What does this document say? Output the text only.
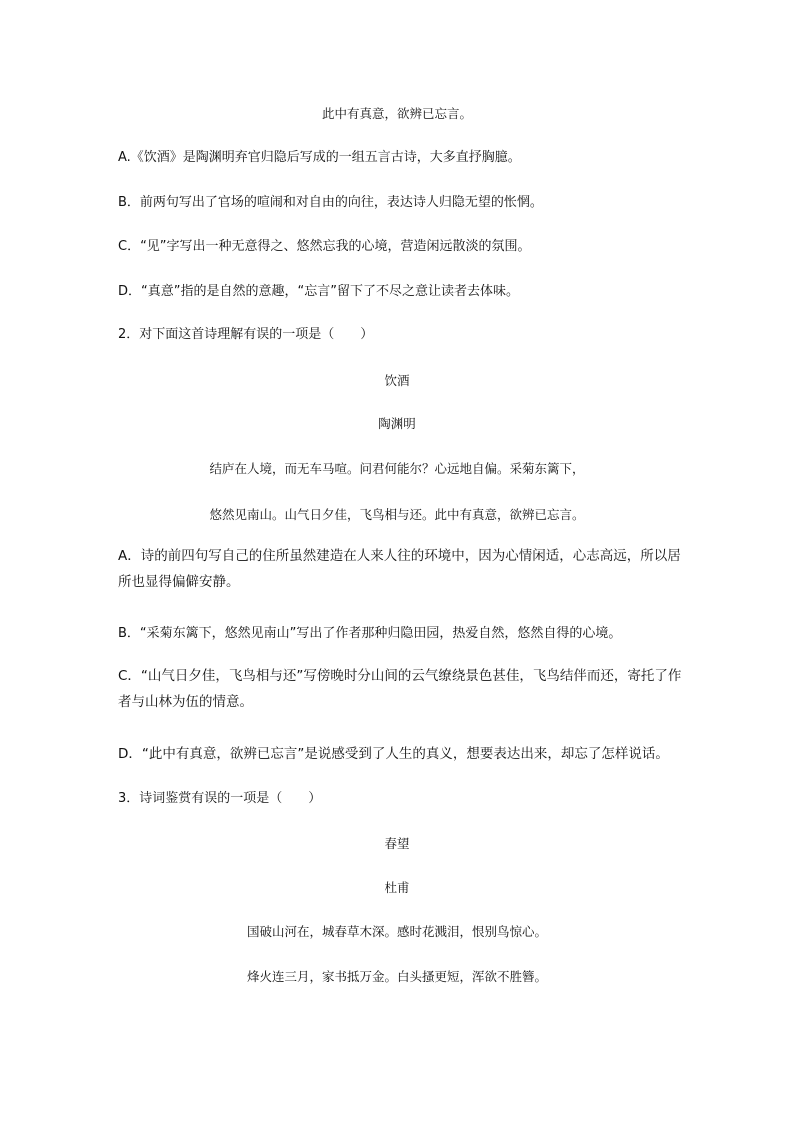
此中有真意，欲辨已忘言。
A.《饮酒》是陶渊明弃官归隐后写成的一组五言古诗，大多直抒胸臆。
B．前两句写出了官场的喧闹和对自由的向往，表达诗人归隐无望的怅惘。
C．“见”字写出一种无意得之、悠然忘我的心境，营造闲远散淡的氛围。
D．“真意”指的是自然的意趣，“忘言”留下了不尽之意让读者去体味。
2．对下面这首诗理解有误的一项是（　　）
饮酒
陶渊明
结庐在人境，而无车马喧。问君何能尔？心远地自偏。采菊东篱下，
悠然见南山。山气日夕佳，飞鸟相与还。此中有真意，欲辨已忘言。
A．诗的前四句写自己的住所虽然建造在人来人往的环境中，因为心情闲适，心志高远，所以居所也显得偏僻安静。
B．“采菊东篱下，悠然见南山”写出了作者那种归隐田园，热爱自然，悠然自得的心境。
C．“山气日夕佳，飞鸟相与还”写傍晚时分山间的云气缭绕景色甚佳，飞鸟结伴而还，寄托了作者与山林为伍的情意。
D．“此中有真意，欲辨已忘言”是说感受到了人生的真义，想要表达出来，却忘了怎样说话。
3．诗词鉴赏有误的一项是（　　）
春望
杜甫
国破山河在，城春草木深。感时花溅泪，恨别鸟惊心。
烽火连三月，家书抵万金。白头搔更短，浑欲不胜簪。
